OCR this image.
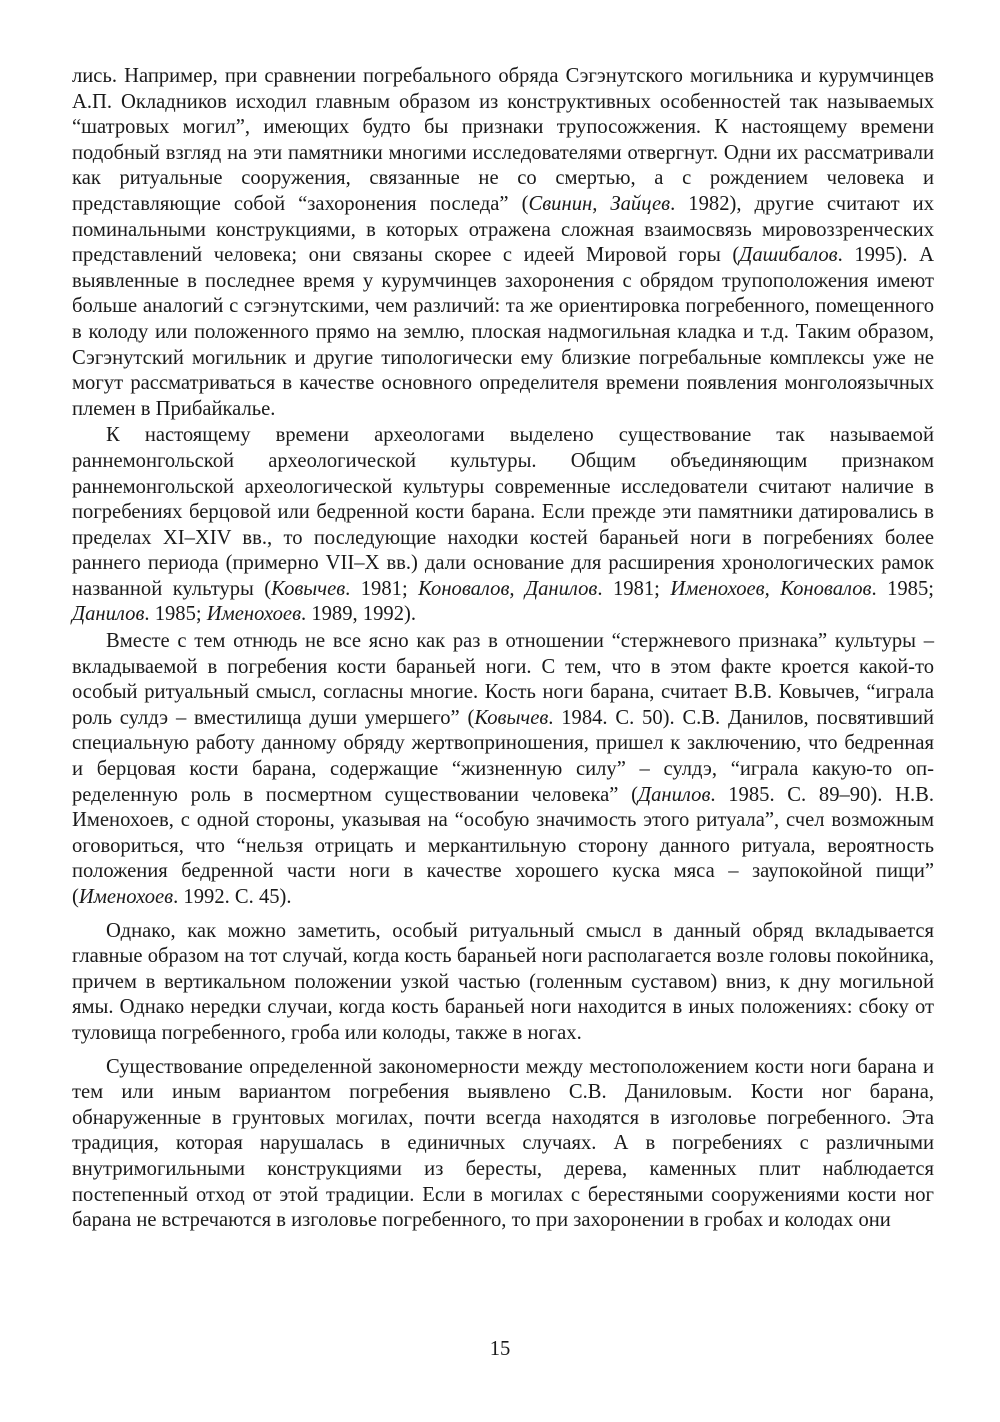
лись. Например, при сравнении погребального обряда Сэгэнутского могильника и курумчинцев А.П. Окладников исходил главным образом из конструктивных особенностей так называемых “шатровых могил”, имеющих будто бы признаки трупосожжения. К настоящему времени подобный взгляд на эти памятники многими исследователями отвергнут. Одни их рассматривали как ритуальные сооружения, связанные не со смертью, а с рождением человека и представляющие собой “захоронения последа” (Свинин, Зайцев. 1982), другие считают их поминальными конструкциями, в которых отражена сложная взаимосвязь мировоззренческих представлений человека; они связаны скорее с идеей Мировой горы (Дашибалов. 1995). А выявленные в последнее время у курумчинцев захоронения с обрядом трупоположения имеют больше аналогий с сэгэнутскими, чем различий: та же ориентировка погребенного, помещенного в колоду или положенного прямо на землю, плоская надмогильная кладка и т.д. Таким образом, Сэгэнутский могильник и другие типологически ему близкие погребальные комплексы уже не могут рассматриваться в качестве основного определителя времени появления монголоязычных племен в Прибайкалье.

К настоящему времени археологами выделено существование так называемой раннемонгольской археологической культуры. Общим объединяющим признаком раннемонгольской археологической культуры современные исследователи считают наличие в погребениях берцовой или бедренной кости барана. Если прежде эти памятники датировались в пределах XI–XIV вв., то последующие находки костей бараньей ноги в погребениях более раннего периода (примерно VII–X вв.) дали основание для расширения хронологических рамок названной культуры (Ковычев. 1981; Коновалов, Данилов. 1981; Именохоев, Коновалов. 1985; Данилов. 1985; Именохоев. 1989, 1992).

Вместе с тем отнюдь не все ясно как раз в отношении “стержневого признака” культуры – вкладываемой в погребения кости бараньей ноги. С тем, что в этом факте кроется какой-то особый ритуальный смысл, согласны многие. Кость ноги барана, считает В.В. Ковычев, “играла роль сулдэ – вместилища души умершего” (Ковычев. 1984. С. 50). С.В. Данилов, посвятивший специальную работу данному обряду жертвоприношения, пришел к заключению, что бедренная и берцовая кости барана, содержащие “жизненную силу” – сулдэ, “играла какую-то определенную роль в посмертном существовании человека” (Данилов. 1985. С. 89–90). Н.В. Именохоев, с одной стороны, указывая на “особую значимость этого ритуала”, счел возможным оговориться, что “нельзя отрицать и меркантильную сторону данного ритуала, вероятность положения бедренной части ноги в качестве хорошего куска мяса – заупокойной пищи” (Именохоев. 1992. С. 45).

Однако, как можно заметить, особый ритуальный смысл в данный обряд вкладывается главные образом на тот случай, когда кость бараньей ноги располагается возле головы покойника, причем в вертикальном положении узкой частью (голенным суставом) вниз, к дну могильной ямы. Однако нередки случаи, когда кость бараньей ноги находится в иных положениях: сбоку от туловища погребенного, гроба или колоды, также в ногах.

Существование определенной закономерности между местоположением кости ноги барана и тем или иным вариантом погребения выявлено С.В. Даниловым. Кости ног барана, обнаруженные в грунтовых могилах, почти всегда находятся в изголовье погребенного. Эта традиция, которая нарушалась в единичных случаях. А в погребениях с различными внутримогильными конструкциями из бересты, дерева, каменных плит наблюдается постепенный отход от этой традиции. Если в могилах с берестяными сооружениями кости ног барана не встречаются в изголовье погребенного, то при захоронении в гробах и колодах они

15
